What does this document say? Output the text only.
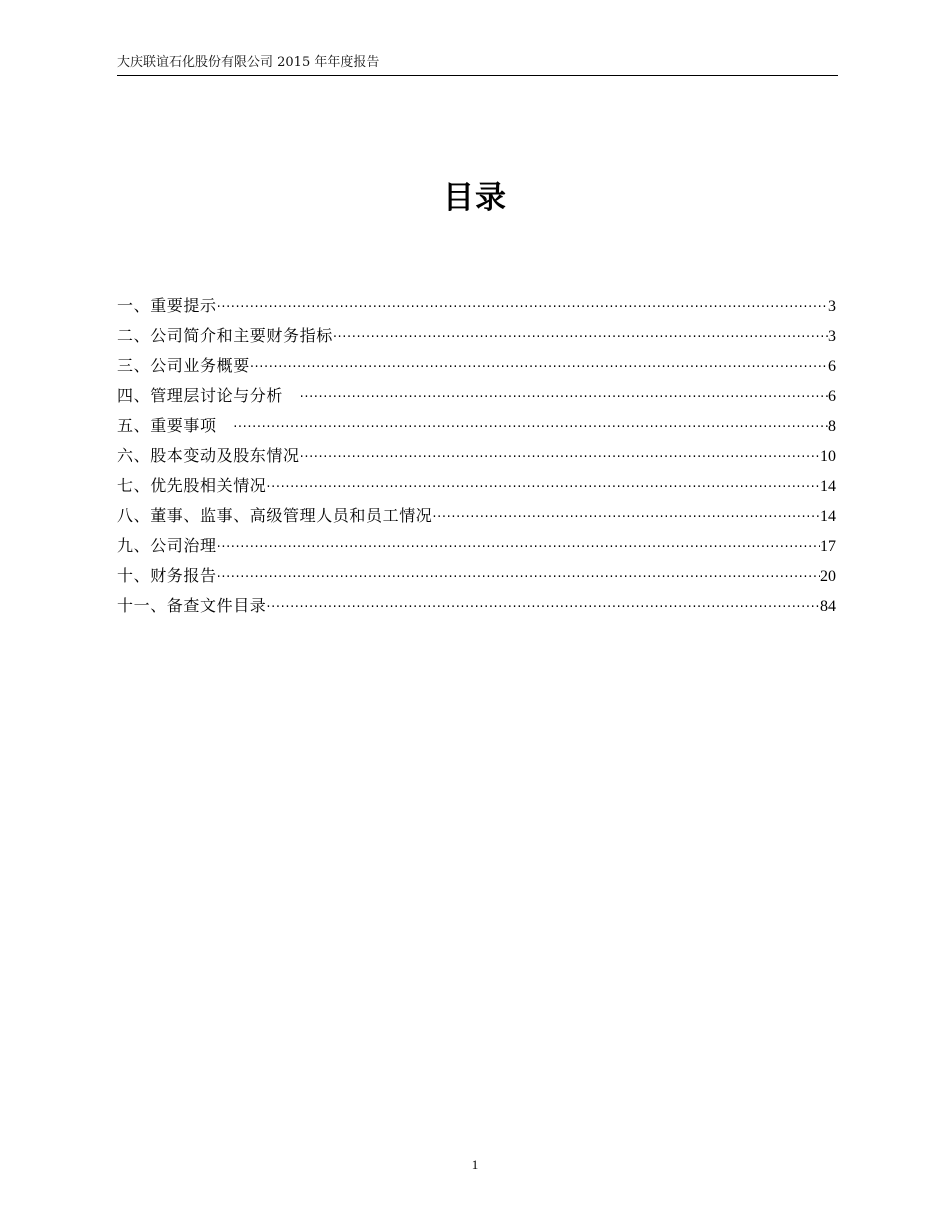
大庆联谊石化股份有限公司 2015 年年度报告
目录
一、重要提示 ·····	3
二、公司简介和主要财务指标 ·····	3
三、公司业务概要 ·····	6
四、管理层讨论与分析　 ·····	6
五、重要事项　 ·····	8
六、股本变动及股东情况 ·····	10
七、优先股相关情况 ·····	14
八、董事、监事、高级管理人员和员工情况 ·····	14
九、公司治理 ·····	17
十、财务报告 ·····	20
十一、备查文件目录 ·····	84
1
